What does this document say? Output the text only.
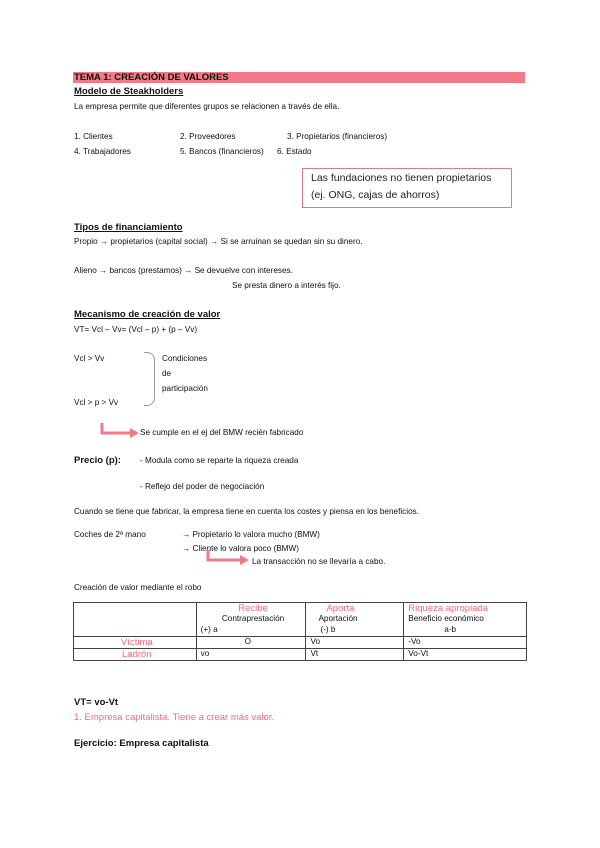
TEMA 1: CREACIÓN DE VALORES
Modelo de Steakholders
La empresa permite que diferentes grupos se relacionen a través de ella.
1. Clientes	2. Proveedores	3. Propietarios (financieros)
4. Trabajadores	5. Bancos (financieros) 6. Estado
Las fundaciones no tienen propietarios
(ej. ONG, cajas de ahorros)
Tipos de financiamiento
Propio → propietarios (capital social) → Si se arruinan se quedan sin su dinero.
Alieno → bancos (prestamos) → Se devuelve con intereses.
Se presta dinero a interés fijo.
Mecanismo de creación de valor
VT= Vcl – Vv= (Vcl – p) + (p – Vv)
Vcl > Vv
Vcl > p > Vv
Condiciones
de
participación
Se cumple en el ej del BMW recién fabricado
Precio (p): - Modula como se reparte la riqueza creada
- Reflejo del poder de negociación
Cuando se tiene que fabricar, la empresa tiene en cuenta los costes y piensa en los beneficios.
Coches de 2ª mano	→ Propietario lo valora mucho (BMW)
→ Cliente lo valora poco (BMW)
La transacción no se llevaría a cabo.
Creación de valor mediante el robo
	Recibe	Aporta	Riqueza apropiada
	Contraprestación	Aportación	Beneficio económico
	(+) a	(-) b	a-b
Víctima	O	Vo	-Vo
Ladrón	vo	Vt	Vo-Vt
VT= vo-Vt
1. Empresa capitalista. Tiene a crear más valor.
Ejercicio: Empresa capitalista
